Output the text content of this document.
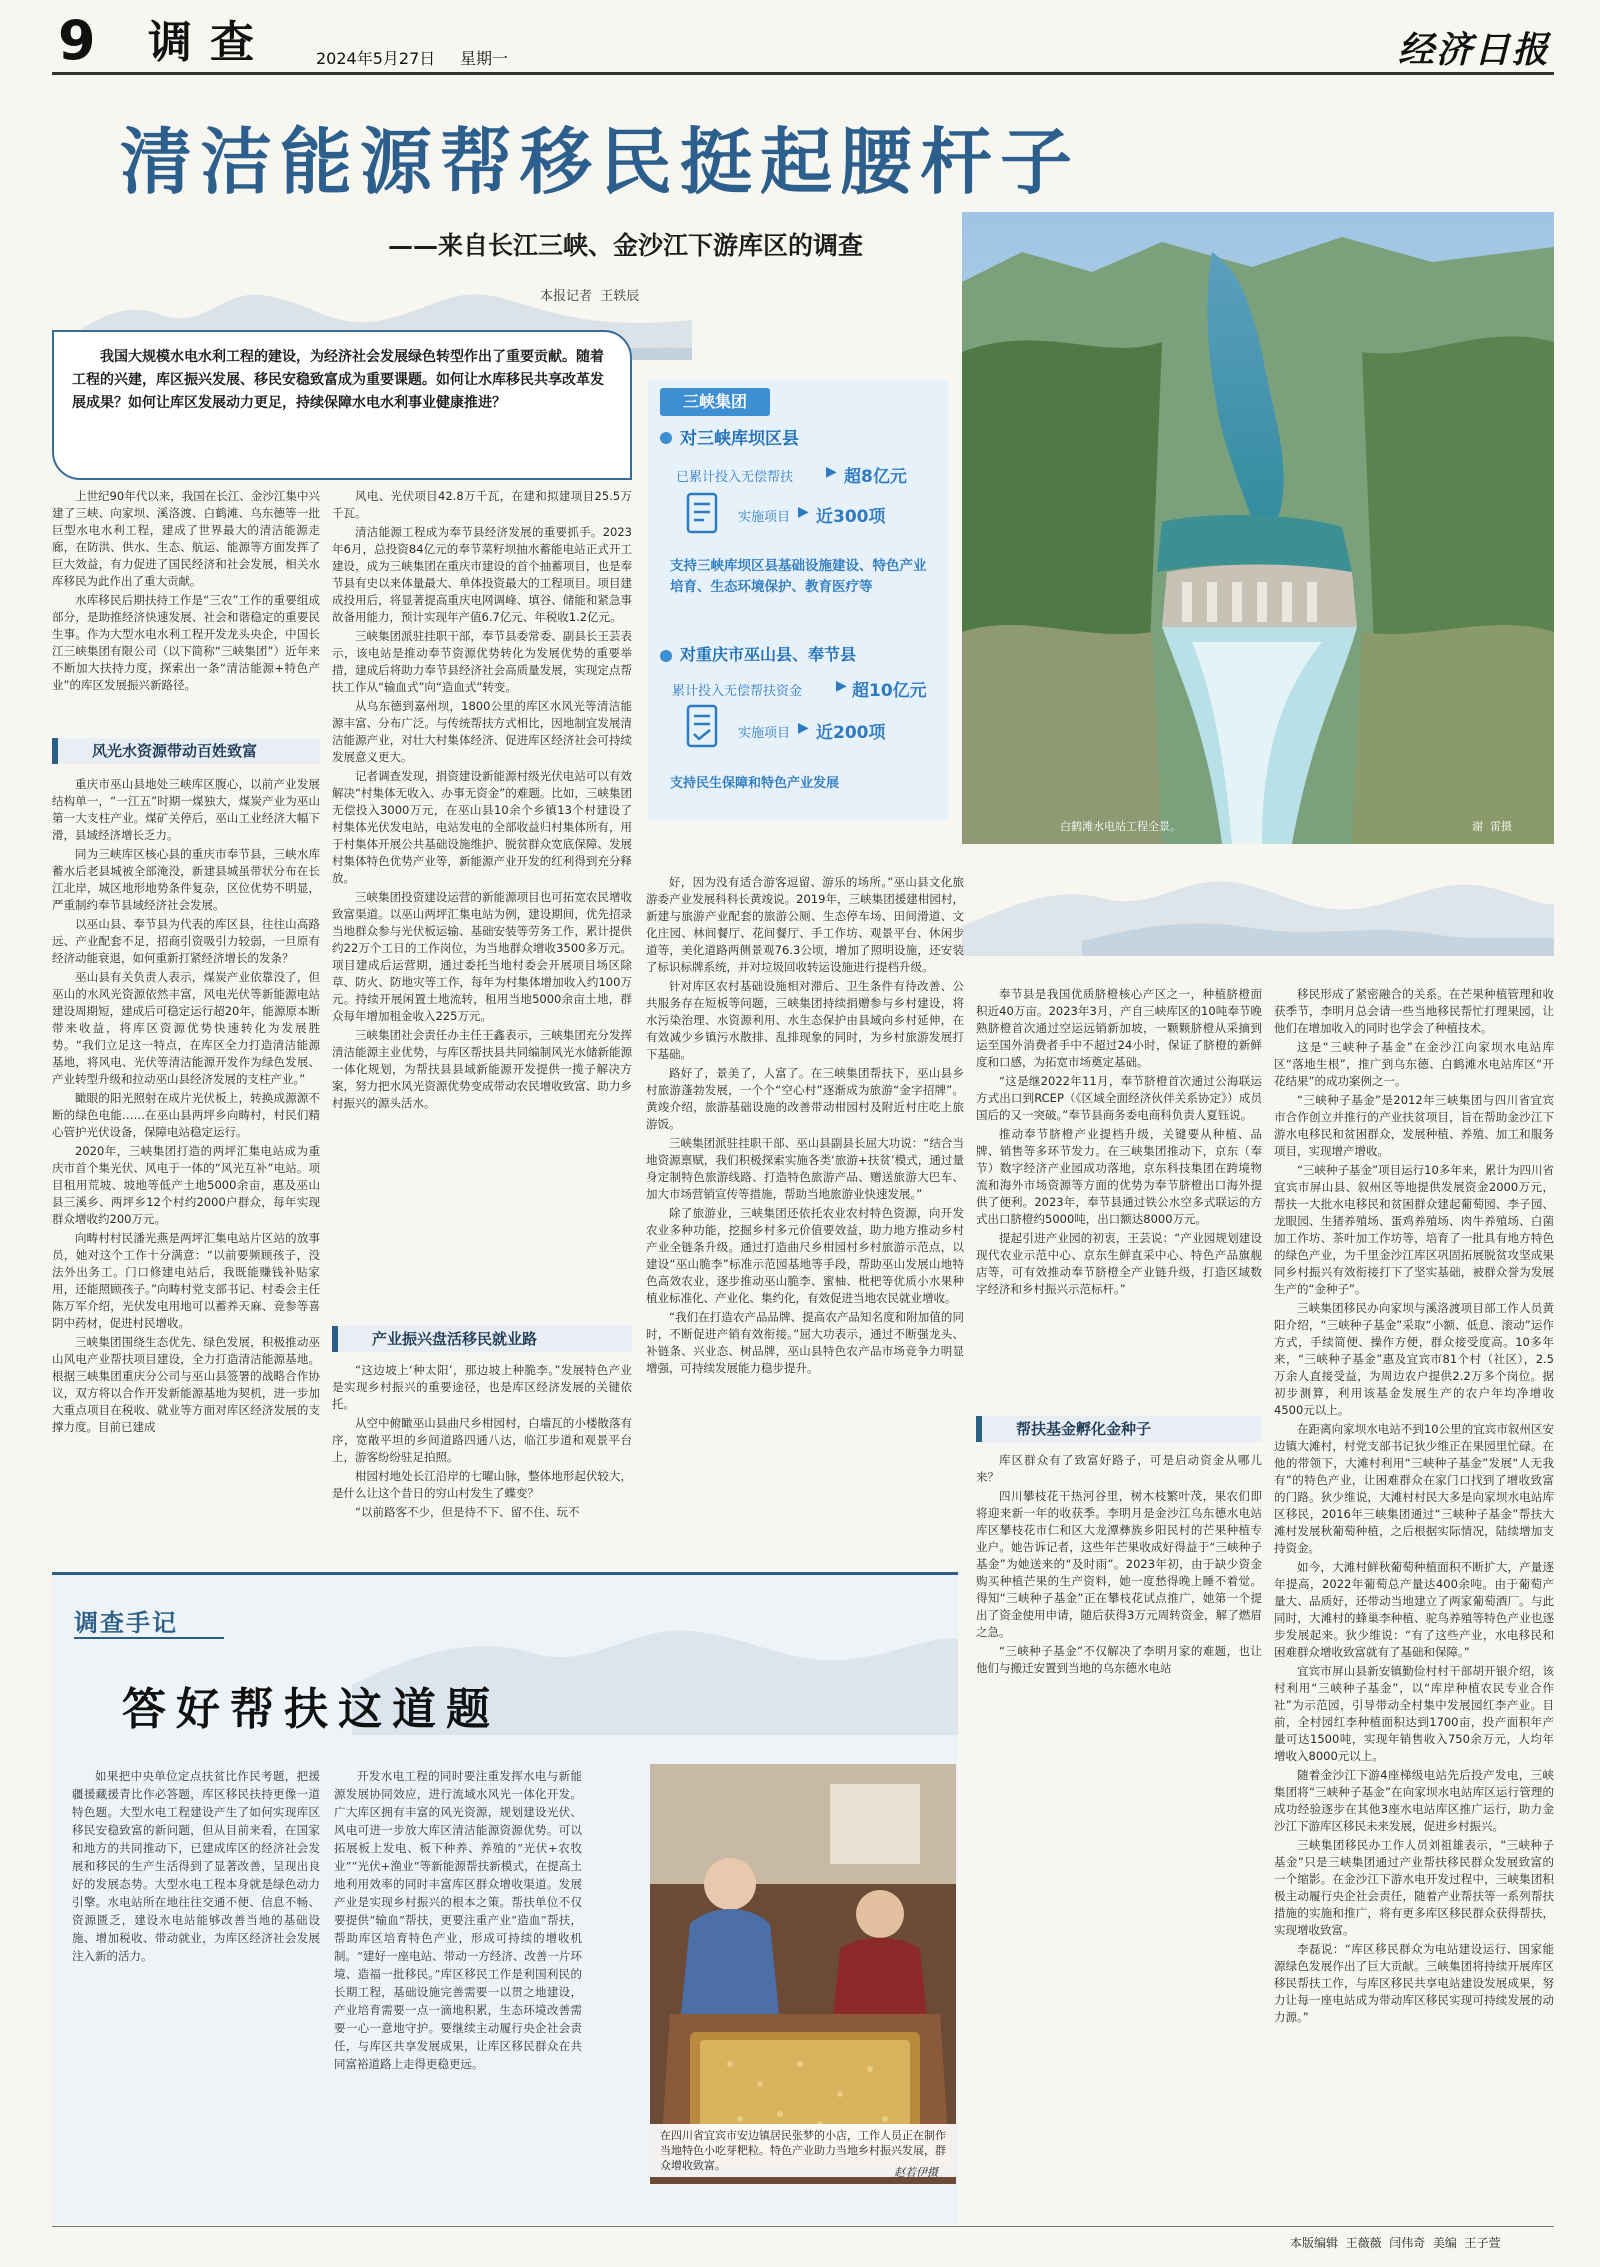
9 调查	2024年5月27日 星期一	经济日报
清洁能源帮移民挺起腰杆子
——来自长江三峡、金沙江下游库区的调查
本报记者  王轶辰
我国大规模水电水利工程的建设，为经济社会发展绿色转型作出了重要贡献。随着工程的兴建，库区振兴发展、移民安稳致富成为重要课题。如何让水库移民共享改革发展成果？如何让库区发展动力更足，持续保障水电水利事业健康推进？	三峡集团
对三峡库坝区县
已累计投入无偿帮扶 ▶ 超8亿元
实施项目 ▶ 近300项
支持三峡库坝区县基础设施建设、特色产业培育、生态环境保护、教育医疗等
对重庆市巫山县、奉节县
累计投入无偿帮扶资金 ▶ 超10亿元
实施项目 ▶ 近200项
支持民生保障和特色产业发展
白鹤滩水电站工程全景。	谢  雷摄

上世纪90年代以来，我国在长江、金沙江集中兴建了三峡、向家坝、溪洛渡、白鹤滩、乌东德等一批巨型水电水利工程，建成了世界最大的清洁能源走廊，在防洪、供水、生态、航运、能源等方面发挥了巨大效益，有力促进了国民经济和社会发展，相关水库移民为此作出了重大贡献。

水库移民后期扶持工作是“三农”工作的重要组成部分，是助推经济快速发展、社会和谐稳定的重要民生事。作为大型水电水利工程开发龙头央企，中国长江三峡集团有限公司（以下简称“三峡集团”）近年来不断加大扶持力度，探索出一条“清洁能源+特色产业”的库区发展振兴新路径。

风光水资源带动百姓致富

重庆市巫山县地处三峡库区腹心，以前产业发展结构单一，“一江五”时期一煤独大，煤炭产业为巫山第一大支柱产业。煤矿关停后，巫山工业经济大幅下滑，县域经济增长乏力。

同为三峡库区核心县的重庆市奉节县，三峡水库蓄水后老县城被全部淹没，新建县城虽带状分布在长江北岸，城区地形地势条件复杂，区位优势不明显，严重制约奉节县域经济社会发展。

以巫山县、奉节县为代表的库区县，往往山高路远、产业配套不足，招商引资吸引力较弱，一旦原有经济动能衰退，如何重新打紧经济增长的发条？

巫山县有关负责人表示，煤炭产业依靠没了，但巫山的水风光资源依然丰富，风电光伏等新能源电站建设周期短，建成后可稳定运行超20年，能源原本断带来收益，将库区资源优势快速转化为发展胜势。“我们立足这一特点，在库区全力打造清洁能源基地，将风电、光伏等清洁能源开发作为绿色发展、产业转型升级和拉动巫山县经济发展的支柱产业。”

瞰眼的阳光照射在成片光伏板上，转换成源源不断的绿色电能……在巫山县两坪乡向畴村，村民们精心管护光伏设备，保障电站稳定运行。

2020年，三峡集团打造的两坪汇集电站成为重庆市首个集光伏、风电于一体的“风光互补”电站。项目租用荒坡、坡地等低产土地5000余亩，惠及巫山县三溪乡、两坪乡12个村约2000户群众，每年实现群众增收约200万元。

向畴村村民潘光燕是两坪汇集电站片区站的放事员，她对这个工作十分满意：“以前要频顾孩子，没法外出务工。门口修建电站后，我既能赚钱补贴家用，还能照顾孩子。”向畴村党支部书记、村委会主任陈万军介绍，光伏发电用地可以蓄养天麻、竞参等喜阴中药材，促进村民增收。

三峡集团围绕生态优先、绿色发展，积极推动巫山风电产业帮扶项目建设，全力打造清洁能源基地。根据三峡集团重庆分公司与巫山县签署的战略合作协议，双方将以合作开发新能源基地为契机，进一步加大重点项目在税收、就业等方面对库区经济发展的支撑力度。目前已建成

风电、光伏项目42.8万千瓦，在建和拟建项目25.5万千瓦。

清洁能源工程成为奉节县经济发展的重要抓手。2023年6月，总投资84亿元的奉节菜籽坝抽水蓄能电站正式开工建设，成为三峡集团在重庆市建设的首个抽蓄项目，也是奉节县有史以来体量最大、单体投资最大的工程项目。项目建成投用后，将显著提高重庆电网调峰、填谷、储能和紧急事故备用能力，预计实现年产值6.7亿元、年税收1.2亿元。

三峡集团派驻挂职干部，奉节县委常委、副县长王芸表示，该电站是推动奉节资源优势转化为发展优势的重要举措，建成后将助力奉节县经济社会高质量发展，实现定点帮扶工作从“输血式”向“造血式”转变。

从乌东德到嘉州坝，1800公里的库区水风光等清洁能源丰富、分布广泛。与传统帮扶方式相比，因地制宜发展清洁能源产业，对壮大村集体经济、促进库区经济社会可持续发展意义更大。

记者调查发现，捐资建设新能源村级光伏电站可以有效解决“村集体无收入、办事无资金”的难题。比如，三峡集团无偿投入3000万元，在巫山县10余个乡镇13个村建设了村集体光伏发电站，电站发电的全部收益归村集体所有，用于村集体开展公共基础设施维护、脱贫群众宽底保障、发展村集体特色优势产业等，新能源产业开发的红利得到充分释放。

三峡集团投资建设运营的新能源项目也可拓宽农民增收致富渠道。以巫山两坪汇集电站为例，建设期间，优先招录当地群众参与光伏板运输、基础安装等劳务工作，累计提供约22万个工日的工作岗位，为当地群众增收3500多万元。项目建成后运营期，通过委托当地村委会开展项目场区除草、防火、防地灾等工作，每年为村集体增加收入约100万元。持续开展闲置土地流转，租用当地5000余亩土地，群众每年增加租金收入225万元。

三峡集团社会责任办主任王鑫表示，三峡集团充分发挥清洁能源主业优势，与库区帮扶县共同编制风光水储新能源一体化规划，为帮扶县县域新能源开发提供一揽子解决方案，努力把水风光资源优势变成带动农民增收致富、助力乡村振兴的源头活水。

产业振兴盘活移民就业路

“这边坡上‘种太阳’，那边坡上种脆李。”发展特色产业是实现乡村振兴的重要途径，也是库区经济发展的关键依托。

从空中俯瞰巫山县曲尺乡柑园村，白墙瓦的小楼散落有序，宽敞平坦的乡间道路四通八达，临江步道和观景平台上，游客纷纷驻足拍照。

柑园村地处长江沿岸的七曜山脉，整体地形起伏较大，是什么让这个昔日的穷山村发生了蝶变？

“以前路客不少，但是待不下、留不住、玩不

好，因为没有适合游客逗留、游乐的场所。”巫山县文化旅游委产业发展科科长黄竣说。2019年，三峡集团援建柑园村，新建与旅游产业配套的旅游公厕、生态停车场、田间滑道、文化庄园、林间餐厅、花间餐厅、手工作坊、观景平台、休闲步道等，美化道路两侧景观76.3公顷，增加了照明设施，还安装了标识标牌系统，并对垃圾回收转运设施进行提档升级。

针对库区农村基础设施相对滞后、卫生条件有待改善、公共服务存在短板等问题，三峡集团持续捐赠参与乡村建设，将水污染治理、水资源利用、水生态保护由县域向乡村延伸，在有效减少乡镇污水散排、乱排现象的同时，为乡村旅游发展打下基础。

路好了，景美了，人富了。在三峡集团帮扶下，巫山县乡村旅游蓬勃发展，一个个“空心村”逐渐成为旅游“金字招牌”。黄竣介绍，旅游基础设施的改善带动柑园村及附近村庄吃上旅游饭。

三峡集团派驻挂职干部、巫山县副县长屈大功说：“结合当地资源禀赋，我们积极探索实施各类‘旅游+扶贫’模式，通过量身定制特色旅游线路、打造特色旅游产品、赠送旅游大巴车、加大市场营销宣传等措施，帮助当地旅游业快速发展。”

除了旅游业，三峡集团还依托农业农村特色资源，向开发农业多种功能，挖掘乡村多元价值要效益，助力地方推动乡村产业全链条升级。通过打造曲尺乡柑园村乡村旅游示范点，以建设“巫山脆李”标准示范园基地等手段，帮助巫山发展山地特色高效农业，逐步推动巫山脆李、蜜柚、枇杷等优质小水果种植业标准化、产业化、集约化，有效促进当地农民就业增收。

“我们在打造农产品品牌、提高农产品知名度和附加值的同时，不断促进产销有效衔接。”屈大功表示，通过不断强龙头、补链条、兴业态、树品牌，巫山县特色农产品市场竞争力明显增强，可持续发展能力稳步提升。

奉节县是我国优质脐橙核心产区之一，种植脐橙面积近40万亩。2023年3月，产自三峡库区的10吨奉节晚熟脐橙首次通过空运远销新加坡，一颗颗脐橙从采摘到运至国外消费者手中不超过24小时，保证了脐橙的新鲜度和口感，为拓宽市场奠定基础。

“这是继2022年11月，奉节脐橙首次通过公海联运方式出口到RCEP（《区域全面经济伙伴关系协定》）成员国后的又一突破。”奉节县商务委电商科负责人夏钰说。

推动奉节脐橙产业提档升级，关键要从种植、品牌、销售等多环节发力。在三峡集团推动下，京东（奉节）数字经济产业园成功落地，京东科技集团在跨境物流和海外市场资源等方面的优势为奉节脐橙出口海外提供了便利。2023年，奉节县通过铁公水空多式联运的方式出口脐橙约5000吨，出口额达8000万元。

提起引进产业园的初衷，王芸说：“产业园规划建设现代农业示范中心、京东生鲜直采中心、特色产品旗舰店等，可有效推动奉节脐橙全产业链升级，打造区域数字经济和乡村振兴示范标杆。”

帮扶基金孵化金种子

库区群众有了致富好路子，可是启动资金从哪儿来？

四川攀枝花干热河谷里，树木枝繁叶茂，果农们即将迎来新一年的收获季。李明月是金沙江乌东德水电站库区攀枝花市仁和区大龙潭彝族乡阳民村的芒果种植专业户。她告诉记者，这些年芒果收成好得益于“三峡种子基金”为她送来的“及时雨”。2023年初，由于缺少资金购买种植芒果的生产资料，她一度愁得晚上睡不着觉。得知“三峡种子基金”正在攀枝花试点推广，她第一个提出了资金使用申请，随后获得3万元周转资金，解了燃眉之急。

“三峡种子基金”不仅解决了李明月家的难题，也让他们与搬迁安置到当地的乌东德水电站

移民形成了紧密融合的关系。在芒果种植管理和收获季节，李明月总会请一些当地移民帮忙打理果园，让他们在增加收入的同时也学会了种植技术。

这是“三峡种子基金”在金沙江向家坝水电站库区“落地生根”，推广到乌东德、白鹤滩水电站库区“开花结果”的成功案例之一。

“三峡种子基金”是2012年三峡集团与四川省宜宾市合作创立并推行的产业扶贫项目，旨在帮助金沙江下游水电移民和贫困群众，发展种植、养殖、加工和服务项目，实现增产增收。

“三峡种子基金”项目运行10多年来，累计为四川省宜宾市屏山县、叙州区等地提供发展资金2000万元，帮扶一大批水电移民和贫困群众建起葡萄园、李子园、龙眼园、生猪养殖场、蛋鸡养殖场、肉牛养殖场、白菌加工作坊、茶叶加工作坊等，培育了一批具有地方特色的绿色产业，为千里金沙江库区巩固拓展脱贫攻坚成果同乡村振兴有效衔接打下了坚实基础，被群众誉为发展生产的“金种子”。

三峡集团移民办向家坝与溪洛渡项目部工作人员黄阳介绍，“三峡种子基金”采取“小额、低息、滚动”运作方式，手续简便、操作方便，群众接受度高。10多年来，“三峡种子基金”惠及宜宾市81个村（社区），2.5万余人直接受益，为周边农户提供2.2万多个岗位。据初步测算，利用该基金发展生产的农户年均净增收4500元以上。

在距离向家坝水电站不到10公里的宜宾市叙州区安边镇大滩村，村党支部书记狄少维正在果园里忙碌。在他的带领下，大滩村利用“三峡种子基金”发展“人无我有”的特色产业，让困难群众在家门口找到了增收致富的门路。狄少维说，大滩村村民大多是向家坝水电站库区移民，2016年三峡集团通过“三峡种子基金”帮扶大滩村发展秋葡萄种植，之后根据实际情况，陆续增加支持资金。

如今，大滩村鲜秋葡萄种植面积不断扩大，产量逐年提高，2022年葡萄总产量达400余吨。由于葡萄产量大、品质好，还带动当地建立了两家葡萄酒厂。与此同时，大滩村的蜂巢李种植、驼鸟养殖等特色产业也逐步发展起来。狄少维说：“有了这些产业，水电移民和困难群众增收致富就有了基础和保障。”

宜宾市屏山县新安镇勤俭村村干部胡开银介绍，该村利用“三峡种子基金”，以“库岸种植农民专业合作社”为示范园，引导带动全村集中发展园红李产业。目前，全村园红李种植面积达到1700亩，投产面积年产量可达1500吨，实现年销售收入750余万元，人均年增收入8000元以上。

随着金沙江下游4座梯级电站先后投产发电，三峡集团将“三峡种子基金”在向家坝水电站库区运行管理的成功经验逐步在其他3座水电站库区推广运行，助力金沙江下游库区移民未来发展，促进乡村振兴。

三峡集团移民办工作人员刘祖雄表示，“三峡种子基金”只是三峡集团通过产业帮扶移民群众发展致富的一个缩影。在金沙江下游水电开发过程中，三峡集团积极主动履行央企社会责任，随着产业帮扶等一系列帮扶措施的实施和推广，将有更多库区移民群众获得帮扶，实现增收致富。

李磊说：“库区移民群众为电站建设运行、国家能源绿色发展作出了巨大贡献。三峡集团将持续开展库区移民帮扶工作，与库区移民共享电站建设发展成果，努力让每一座电站成为带动库区移民实现可持续发展的动力源。”

调查手记
答好帮扶这道题
如果把中央单位定点扶贫比作民考题，把援疆援藏援青比作必答题，库区移民扶持更像一道特色题。大型水电工程建设产生了如何实现库区移民安稳致富的新问题，但从目前来看，在国家和地方的共同推动下，已建成库区的经济社会发展和移民的生产生活得到了显著改善，呈现出良好的发展态势。大型水电工程本身就是绿色动力引擎。水电站所在地往往交通不便、信息不畅、资源匮乏，建设水电站能够改善当地的基础设施、增加税收、带动就业，为库区经济社会发展注入新的活力。
开发水电工程的同时要注重发挥水电与新能源发展协同效应，进行流域水风光一体化开发。广大库区拥有丰富的风光资源，规划建设光伏、风电可进一步放大库区清洁能源资源优势。可以拓展板上发电、板下种养、养殖的“光伏+农牧业”“光伏+渔业”等新能源帮扶新模式，在提高土地利用效率的同时丰富库区群众增收渠道。发展产业是实现乡村振兴的根本之策。帮扶单位不仅要提供“输血”帮扶，更要注重产业“造血”帮扶，帮助库区培育特色产业，形成可持续的增收机制。“建好一座电站、带动一方经济、改善一片环境、造福一批移民。”库区移民工作是利国利民的长期工程，基础设施完善需要一以贯之地建设，产业培育需要一点一滴地积累，生态环境改善需要一心一意地守护。要继续主动履行央企社会责任，与库区共享发展成果，让库区移民群众在共同富裕道路上走得更稳更远。
在四川省宜宾市安边镇居民张梦的小店，工作人员正在制作当地特色小吃芽粑粒。特色产业助力当地乡村振兴发展，群众增收致富。
赵若伊摄
本版编辑  王薇薇  闫伟奇  美编  王子萱
